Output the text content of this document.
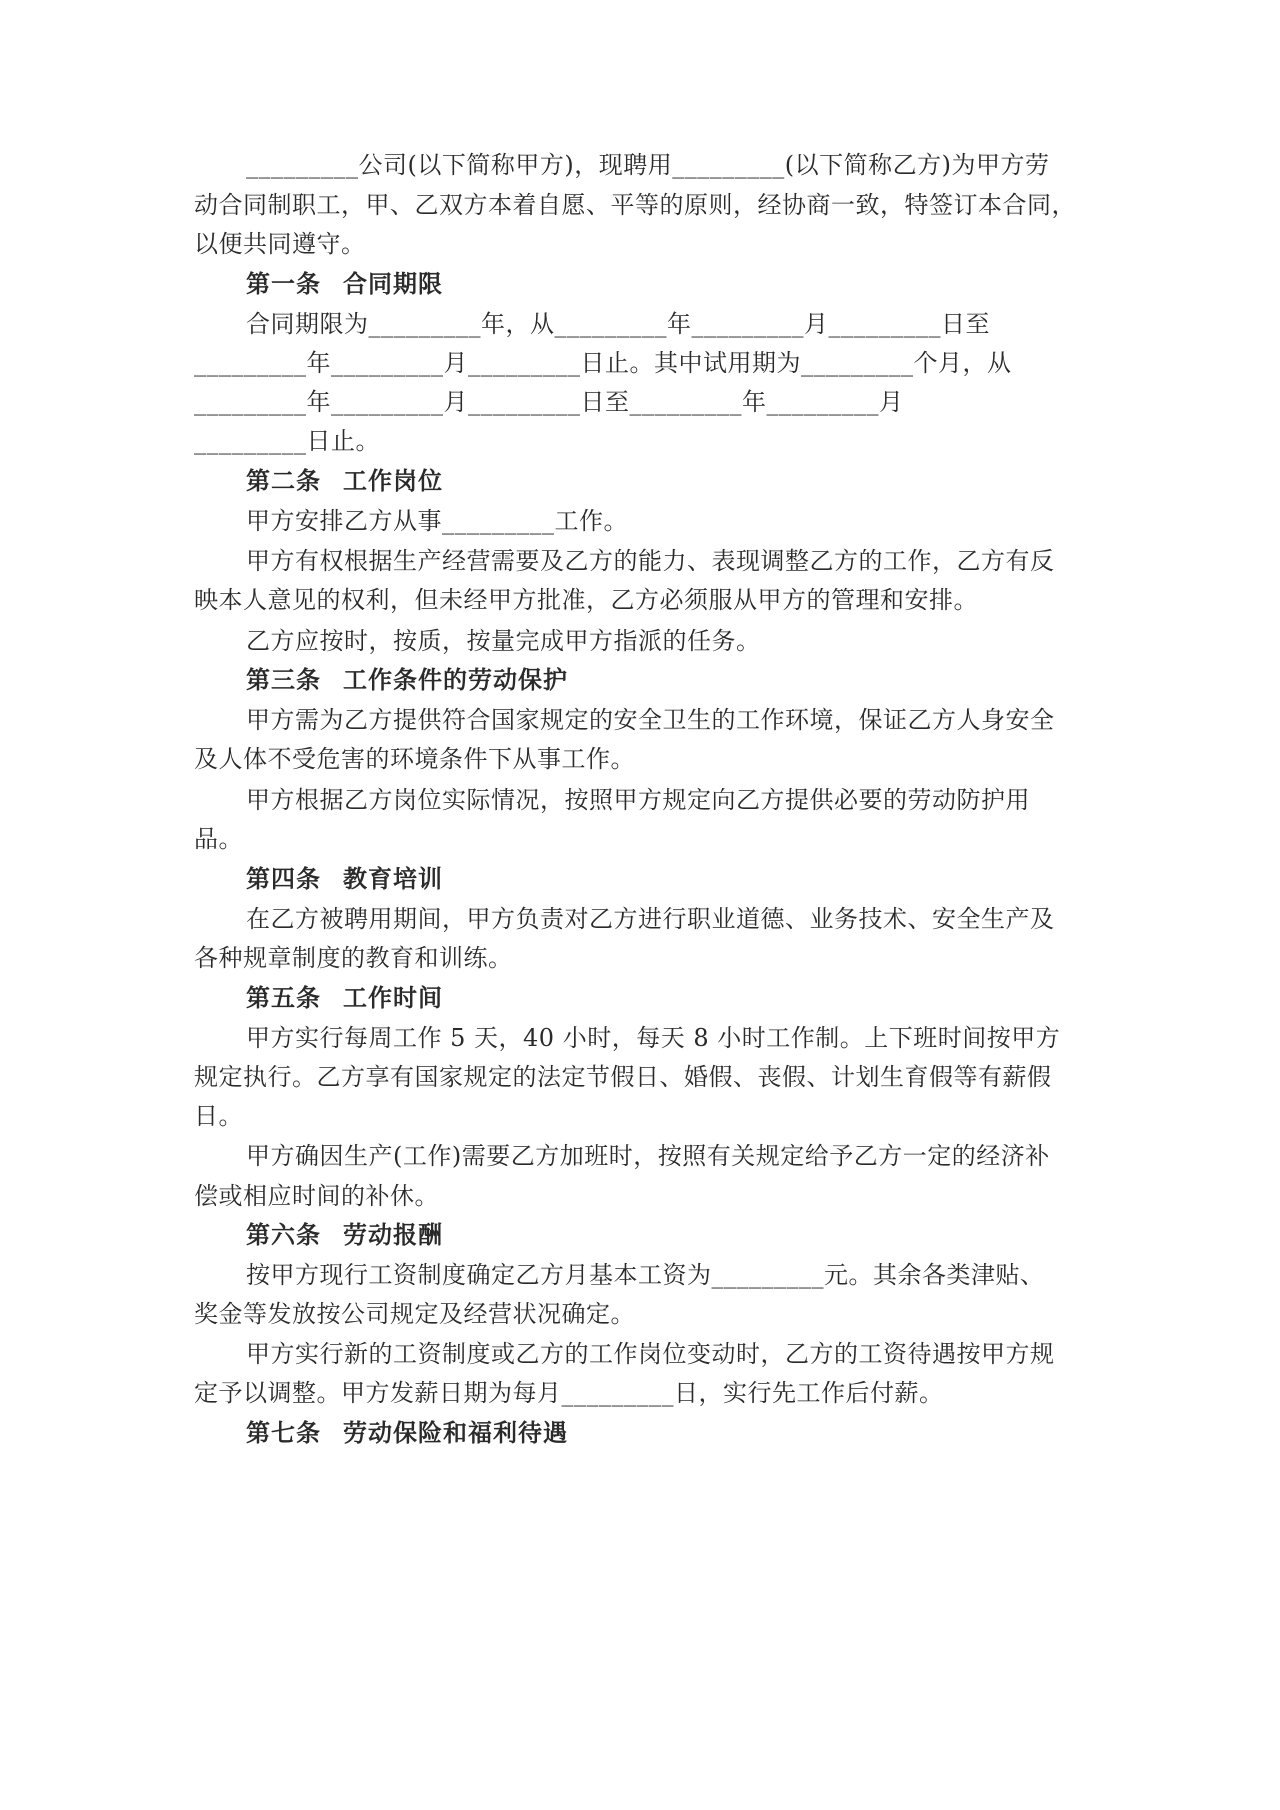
_________公司(以下简称甲方)，现聘用_________(以下简称乙方)为甲方劳
动合同制职工，甲、乙双方本着自愿、平等的原则，经协商一致，特签订本合同，
以便共同遵守。
第一条 合同期限
合同期限为_________年，从_________年_________月_________日至
_________年_________月_________日止。其中试用期为_________个月，从
_________年_________月_________日至_________年_________月
_________日止。
第二条 工作岗位
甲方安排乙方从事_________工作。
甲方有权根据生产经营需要及乙方的能力、表现调整乙方的工作，乙方有反
映本人意见的权利，但未经甲方批准，乙方必须服从甲方的管理和安排。
乙方应按时，按质，按量完成甲方指派的任务。
第三条 工作条件的劳动保护
甲方需为乙方提供符合国家规定的安全卫生的工作环境，保证乙方人身安全
及人体不受危害的环境条件下从事工作。
甲方根据乙方岗位实际情况，按照甲方规定向乙方提供必要的劳动防护用
品。
第四条 教育培训
在乙方被聘用期间，甲方负责对乙方进行职业道德、业务技术、安全生产及
各种规章制度的教育和训练。
第五条 工作时间
甲方实行每周工作 5 天，40 小时，每天 8 小时工作制。上下班时间按甲方
规定执行。乙方享有国家规定的法定节假日、婚假、丧假、计划生育假等有薪假
日。
甲方确因生产(工作)需要乙方加班时，按照有关规定给予乙方一定的经济补
偿或相应时间的补休。
第六条 劳动报酬
按甲方现行工资制度确定乙方月基本工资为_________元。其余各类津贴、
奖金等发放按公司规定及经营状况确定。
甲方实行新的工资制度或乙方的工作岗位变动时，乙方的工资待遇按甲方规
定予以调整。甲方发薪日期为每月_________日，实行先工作后付薪。
第七条 劳动保险和福利待遇
